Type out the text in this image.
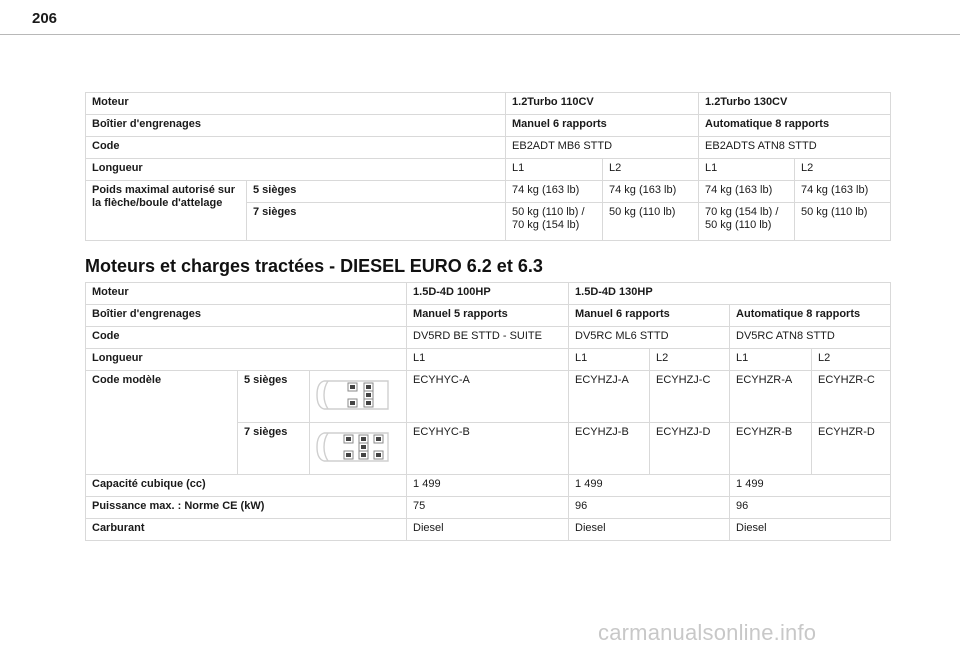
206
Moteur		1.2Turbo 110CV		1.2Turbo 130CV	
Boîtier d'engrenages		Manuel 6 rapports		Automatique 8 rapports	
Code		EB2ADT MB6 STTD		EB2ADTS ATN8 STTD	
Longueur		L1	L2	L1	L2
Poids maximal autorisé sur la flèche/boule d'attelage	5 sièges	74 kg (163 lb)	74 kg (163 lb)	74 kg (163 lb)	74 kg (163 lb)
	7 sièges	50 kg (110 lb) / 70 kg (154 lb)	50 kg (110 lb)	70 kg (154 lb) / 50 kg (110 lb)	50 kg (110 lb)
Moteurs et charges tractées - DIESEL EURO 6.2 et 6.3
Moteur			1.5D-4D 100HP	1.5D-4D 130HP			
Boîtier d'engrenages			Manuel 5 rapports	Manuel 6 rapports		Automatique 8 rapports	
Code			DV5RD BE STTD - SUITE	DV5RC ML6 STTD		DV5RC ATN8 STTD	
Longueur			L1	L1	L2	L1	L2
Code modèle	5 sièges		ECYHYC-A	ECYHZJ-A	ECYHZJ-C	ECYHZR-A	ECYHZR-C
	7 sièges		ECYHYC-B	ECYHZJ-B	ECYHZJ-D	ECYHZR-B	ECYHZR-D
Capacité cubique (cc)			1 499	1 499		1 499	
Puissance max. : Norme CE (kW)			75	96		96	
Carburant			Diesel	Diesel		Diesel	
carmanualsonline.info
